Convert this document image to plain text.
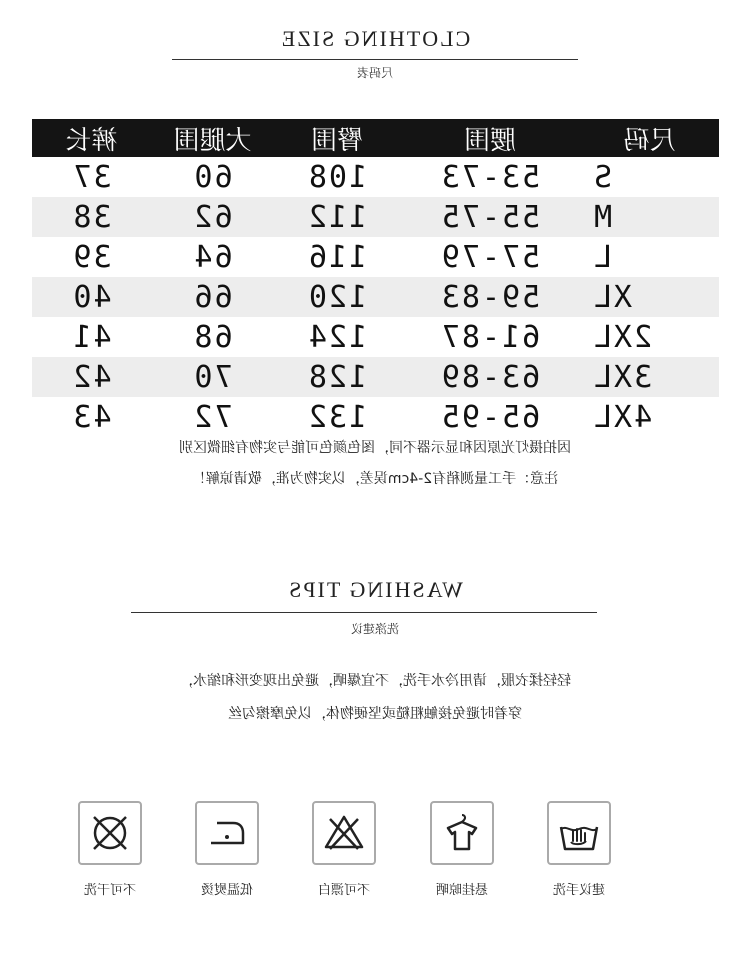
CLOTHING SIZE
尺码表
裤长	大腿围	臀围	腰围	尺码
37	60	108	53-73	S
38	62	112	55-75	M
39	64	116	57-79	L
40	66	120	59-83	XL
41	68	124	61-87	2XL
42	70	128	63-89	3XL
43	72	132	65-95	4XL
因拍摄灯光原因和显示器不同，图色颜色可能与实物有细微区别
注意：手工量测稍有2-4cm误差，以实物为准，敬请谅解！
WASHING TIPS
洗涤建议
轻轻揉衣服，请用冷水手洗，不宜爆晒，避免出现变形和缩水，
穿着时避免接触粗糙或坚硬物体，以免摩擦勾丝
不可干洗	低温熨烫	不可漂白	悬挂晾晒	建议手洗
